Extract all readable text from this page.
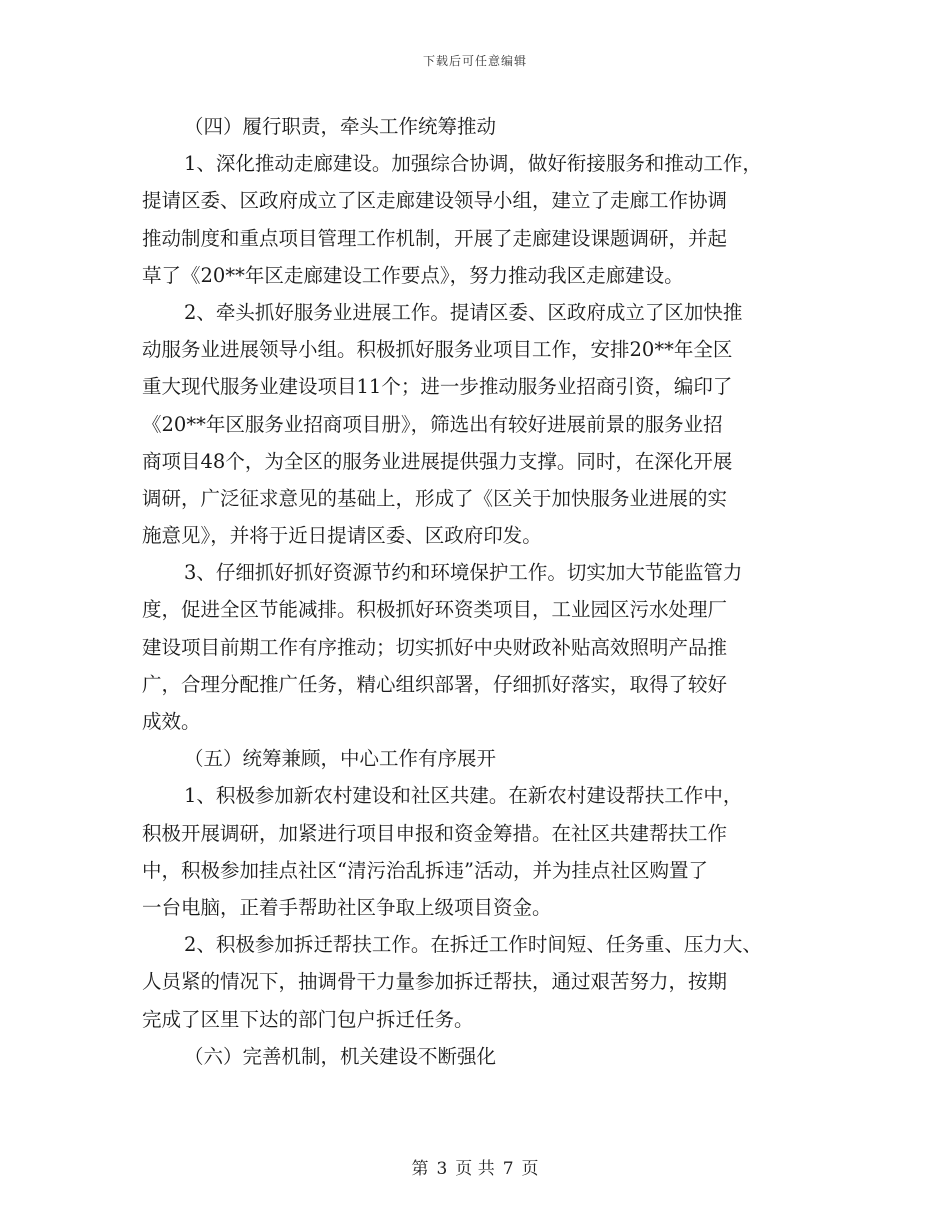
下载后可任意编辑
（四）履行职责，牵头工作统筹推动
1、深化推动走廊建设。加强综合协调，做好衔接服务和推动工作，
提请区委、区政府成立了区走廊建设领导小组，建立了走廊工作协调
推动制度和重点项目管理工作机制，开展了走廊建设课题调研，并起
草了《20**年区走廊建设工作要点》，努力推动我区走廊建设。
2、牵头抓好服务业进展工作。提请区委、区政府成立了区加快推
动服务业进展领导小组。积极抓好服务业项目工作，安排20**年全区
重大现代服务业建设项目11个；进一步推动服务业招商引资，编印了
《20**年区服务业招商项目册》，筛选出有较好进展前景的服务业招
商项目48个，为全区的服务业进展提供强力支撑。同时，在深化开展
调研，广泛征求意见的基础上，形成了《区关于加快服务业进展的实
施意见》，并将于近日提请区委、区政府印发。
3、仔细抓好抓好资源节约和环境保护工作。切实加大节能监管力
度，促进全区节能减排。积极抓好环资类项目，工业园区污水处理厂
建设项目前期工作有序推动；切实抓好中央财政补贴高效照明产品推
广，合理分配推广任务，精心组织部署，仔细抓好落实，取得了较好
成效。
（五）统筹兼顾，中心工作有序展开
1、积极参加新农村建设和社区共建。在新农村建设帮扶工作中，
积极开展调研，加紧进行项目申报和资金筹措。在社区共建帮扶工作
中，积极参加挂点社区“清污治乱拆违”活动，并为挂点社区购置了
一台电脑，正着手帮助社区争取上级项目资金。
2、积极参加拆迁帮扶工作。在拆迁工作时间短、任务重、压力大、
人员紧的情况下，抽调骨干力量参加拆迁帮扶，通过艰苦努力，按期
完成了区里下达的部门包户拆迁任务。
（六）完善机制，机关建设不断强化
第 3 页 共 7 页
